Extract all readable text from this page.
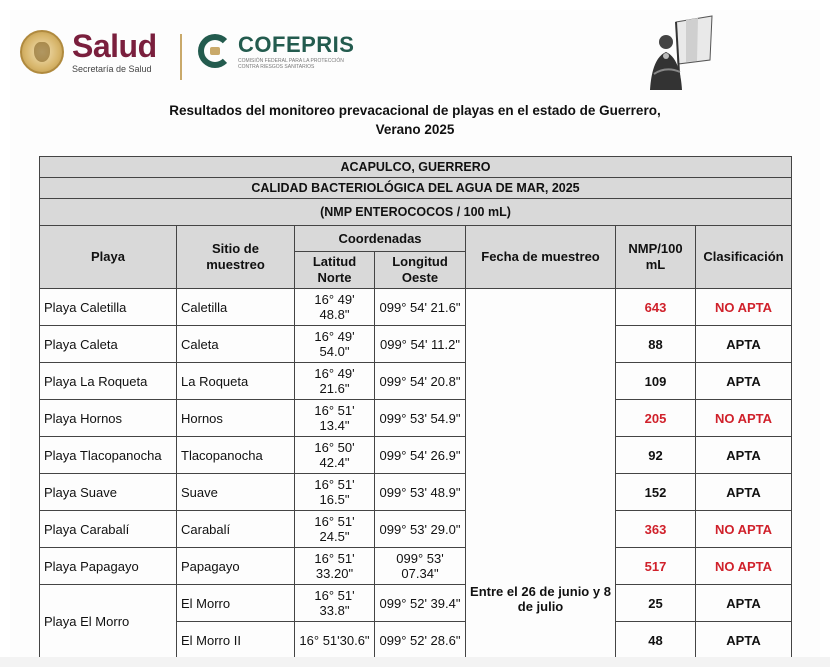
Salud
Secretaría de Salud
COFEPRIS
COMISIÓN FEDERAL PARA LA PROTECCIÓN CONTRA RIESGOS SANITARIOS
Resultados del monitoreo prevacacional de playas en el estado de Guerrero,
Verano 2025
ACAPULCO, GUERRERO						
CALIDAD BACTERIOLÓGICA DEL AGUA DE MAR, 2025						
(NMP ENTEROCOCOS / 100 mL)						
Playa	Sitio de muestreo	Coordenadas		Fecha de muestreo	NMP/100 mL	Clasificación
		Latitud Norte	Longitud Oeste			
Playa Caletilla	Caletilla	16° 49' 48.8"	099° 54' 21.6"	Entre el 26 de junio y 8 de julio	643	NO APTA
Playa Caleta	Caleta	16° 49' 54.0"	099° 54' 11.2"		88	APTA
Playa La Roqueta	La Roqueta	16° 49' 21.6"	099° 54' 20.8"		109	APTA
Playa Hornos	Hornos	16° 51' 13.4"	099° 53' 54.9"		205	NO APTA
Playa Tlacopanocha	Tlacopanocha	16° 50' 42.4"	099° 54' 26.9"		92	APTA
Playa Suave	Suave	16° 51' 16.5"	099° 53' 48.9"		152	APTA
Playa Carabalí	Carabalí	16° 51' 24.5"	099° 53' 29.0"		363	NO APTA
Playa Papagayo	Papagayo	16° 51' 33.20"	099° 53' 07.34"		517	NO APTA
Playa El Morro	El Morro	16° 51' 33.8"	099° 52' 39.4"		25	APTA
	El Morro II	16° 51'30.6"	099° 52' 28.6"		48	APTA
